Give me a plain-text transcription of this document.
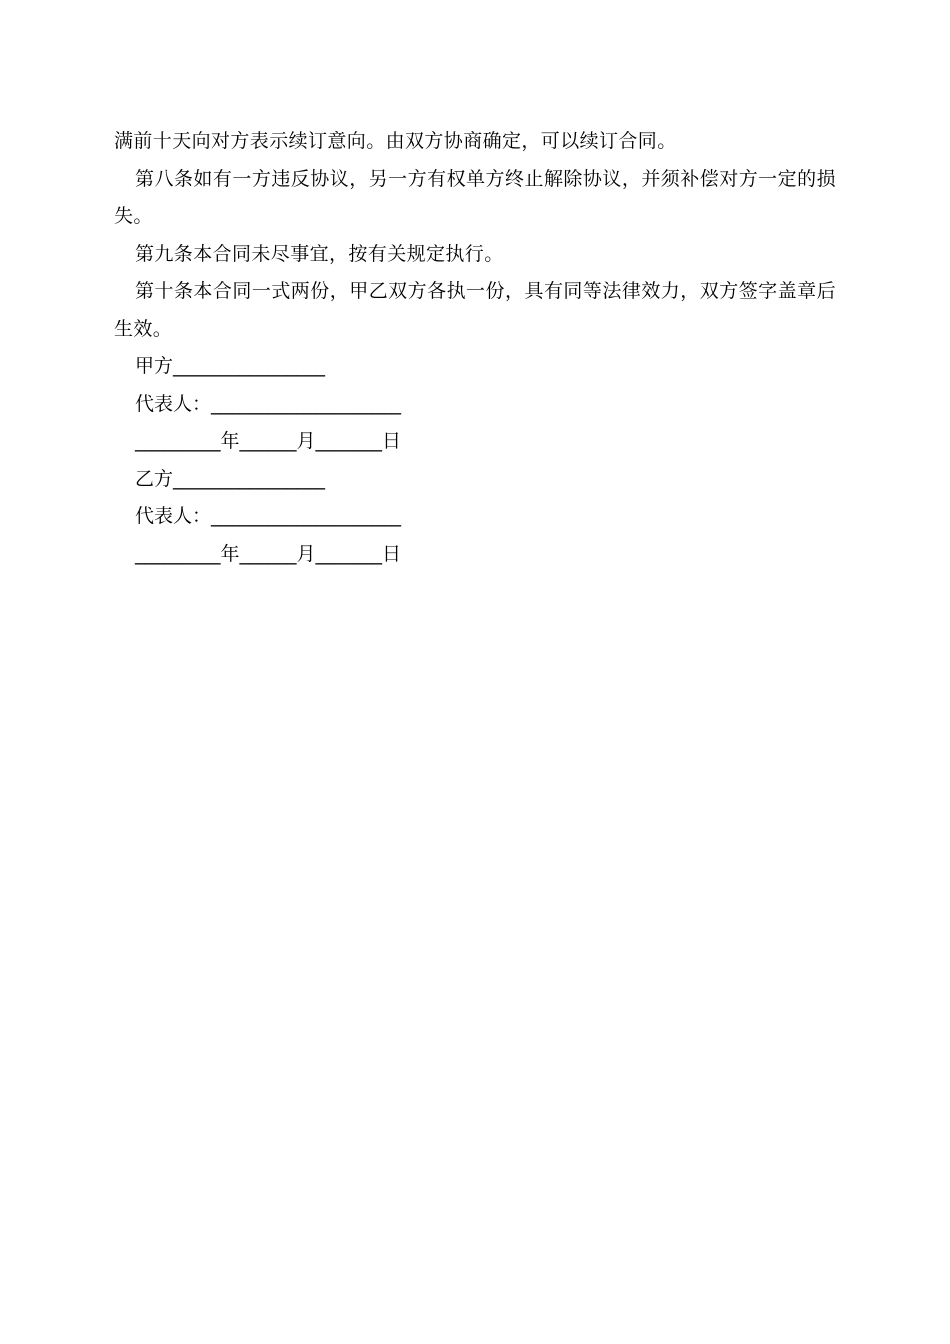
满前十天向对方表示续订意向。由双方协商确定，可以续订合同。

第八条如有一方违反协议，另一方有权单方终止解除协议，并须补偿对方一定的损失。

第九条本合同未尽事宜，按有关规定执行。

第十条本合同一式两份，甲乙双方各执一份，具有同等法律效力，双方签字盖章后生效。

甲方________________

代表人：____________________

_________年______月_______日

乙方________________

代表人：____________________

_________年______月_______日
